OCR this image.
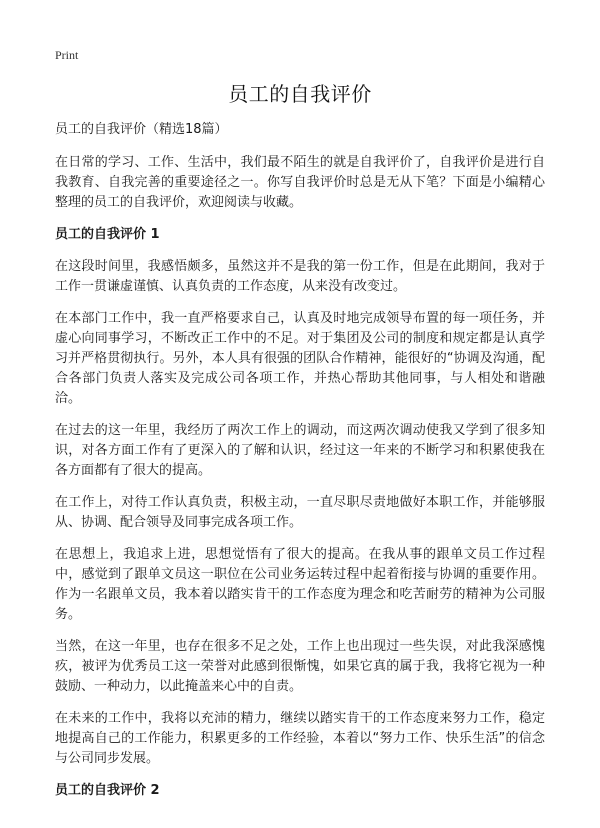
Print
员工的自我评价

员工的自我评价（精选18篇）

在日常的学习、工作、生活中，我们最不陌生的就是自我评价了，自我评价是进行自我教育、自我完善的重要途径之一。你写自我评价时总是无从下笔？下面是小编精心整理的员工的自我评价，欢迎阅读与收藏。

员工的自我评价 1

在这段时间里，我感悟颇多，虽然这并不是我的第一份工作，但是在此期间，我对于工作一贯谦虚谨慎、认真负责的工作态度，从来没有改变过。

在本部门工作中，我一直严格要求自己，认真及时地完成领导布置的每一项任务，并虚心向同事学习，不断改正工作中的不足。对于集团及公司的制度和规定都是认真学习并严格贯彻执行。另外，本人具有很强的团队合作精神，能很好的“协调及沟通，配合各部门负责人落实及完成公司各项工作，并热心帮助其他同事，与人相处和谐融洽。

在过去的这一年里，我经历了两次工作上的调动，而这两次调动使我又学到了很多知识，对各方面工作有了更深入的了解和认识，经过这一年来的不断学习和积累使我在各方面都有了很大的提高。

在工作上，对待工作认真负责，积极主动，一直尽职尽责地做好本职工作，并能够服从、协调、配合领导及同事完成各项工作。

在思想上，我追求上进，思想觉悟有了很大的提高。在我从事的跟单文员工作过程中，感觉到了跟单文员这一职位在公司业务运转过程中起着衔接与协调的重要作用。作为一名跟单文员，我本着以踏实肯干的工作态度为理念和吃苦耐劳的精神为公司服务。

当然，在这一年里，也存在很多不足之处，工作上也出现过一些失误，对此我深感愧疚，被评为优秀员工这一荣誉对此感到很惭愧，如果它真的属于我，我将它视为一种鼓励、一种动力，以此掩盖来心中的自责。

在未来的工作中，我将以充沛的精力，继续以踏实肯干的工作态度来努力工作，稳定地提高自己的工作能力，积累更多的工作经验，本着以“努力工作、快乐生活”的信念与公司同步发展。

员工的自我评价 2
